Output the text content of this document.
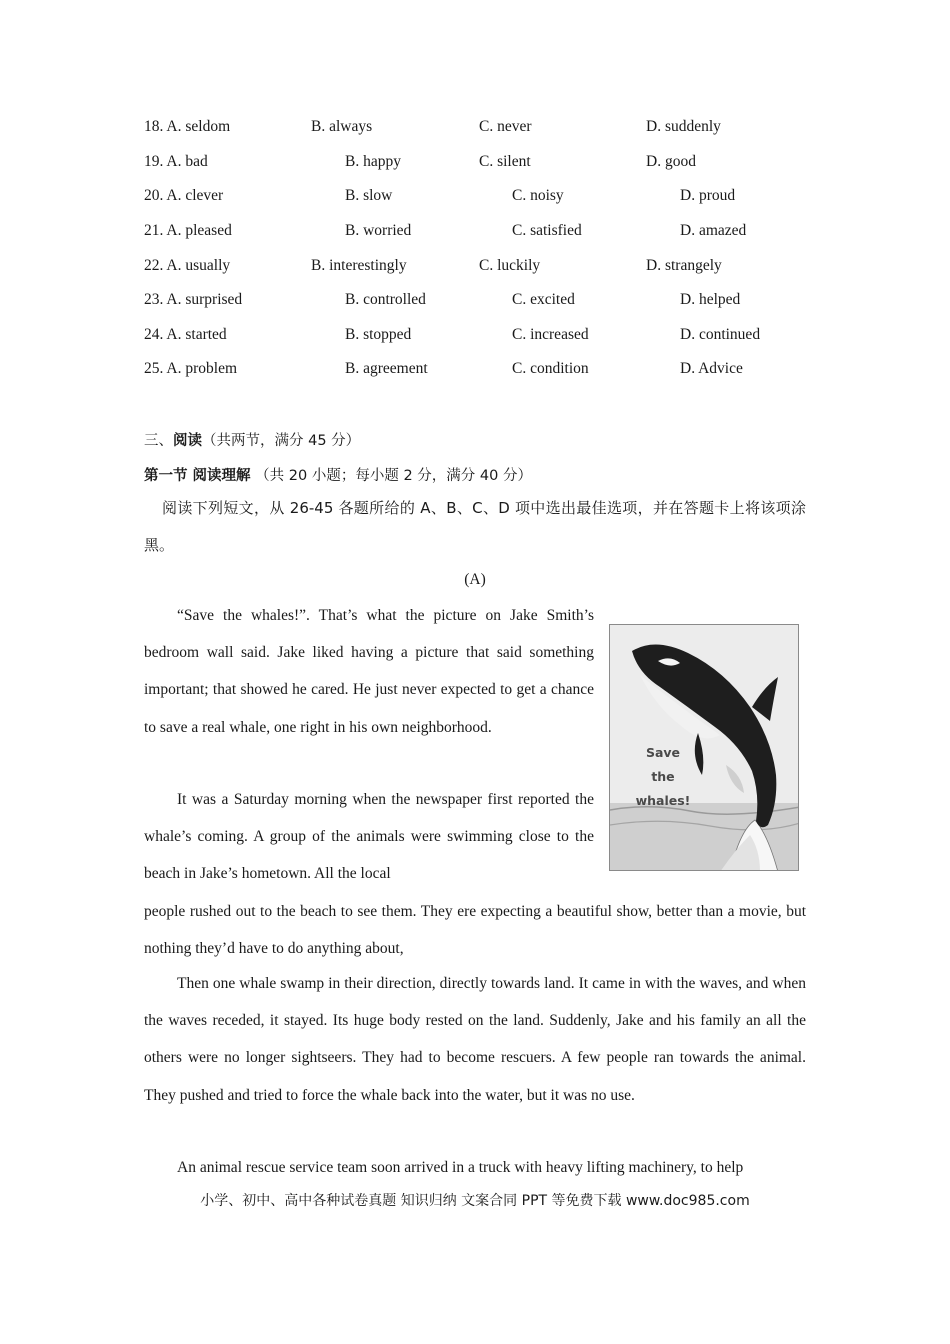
18. A. seldom	B. always	C. never	D. suddenly
19. A. bad	B. happy	C. silent	D. good
20. A. clever	B. slow	C. noisy	D. proud
21. A. pleased	B. worried	C. satisfied	D. amazed
22. A. usually	B. interestingly	C. luckily	D. strangely
23. A. surprised	B. controlled	C. excited	D. helped
24. A. started	B. stopped	C. increased	D. continued
25. A. problem	B. agreement	C. condition	D. Advice
三、阅读（共两节，满分 45 分）
第一节 阅读理解 （共 20 小题；每小题 2 分，满分 40 分）
阅读下列短文，从 26-45 各题所给的 A、B、C、D 项中选出最佳选项，并在答题卡上将该项涂黑。
(A)
Save
the
whales!
“Save the whales!”. That’s what the picture on Jake Smith’s bedroom wall said. Jake liked having a picture that said something important; that showed he cared. He just never expected to get a chance to save a real whale, one right in his own neighborhood.
It was a Saturday morning when the newspaper first reported the whale’s coming. A group of the animals were swimming close to the beach in Jake’s hometown. All the local
people rushed out to the beach to see them. They ere expecting a beautiful show, better than a movie, but nothing they’d have to do anything about,
Then one whale swamp in their direction, directly towards land. It came in with the waves, and when the waves receded, it stayed. Its huge body rested on the land. Suddenly, Jake and his family an all the others were no longer sightseers. They had to become rescuers. A few people ran towards the animal. They pushed and tried to force the whale back into the water, but it was no use.
An animal rescue service team soon arrived in a truck with heavy lifting machinery, to help
小学、初中、高中各种试卷真题 知识归纳 文案合同 PPT 等免费下载 www.doc985.com
